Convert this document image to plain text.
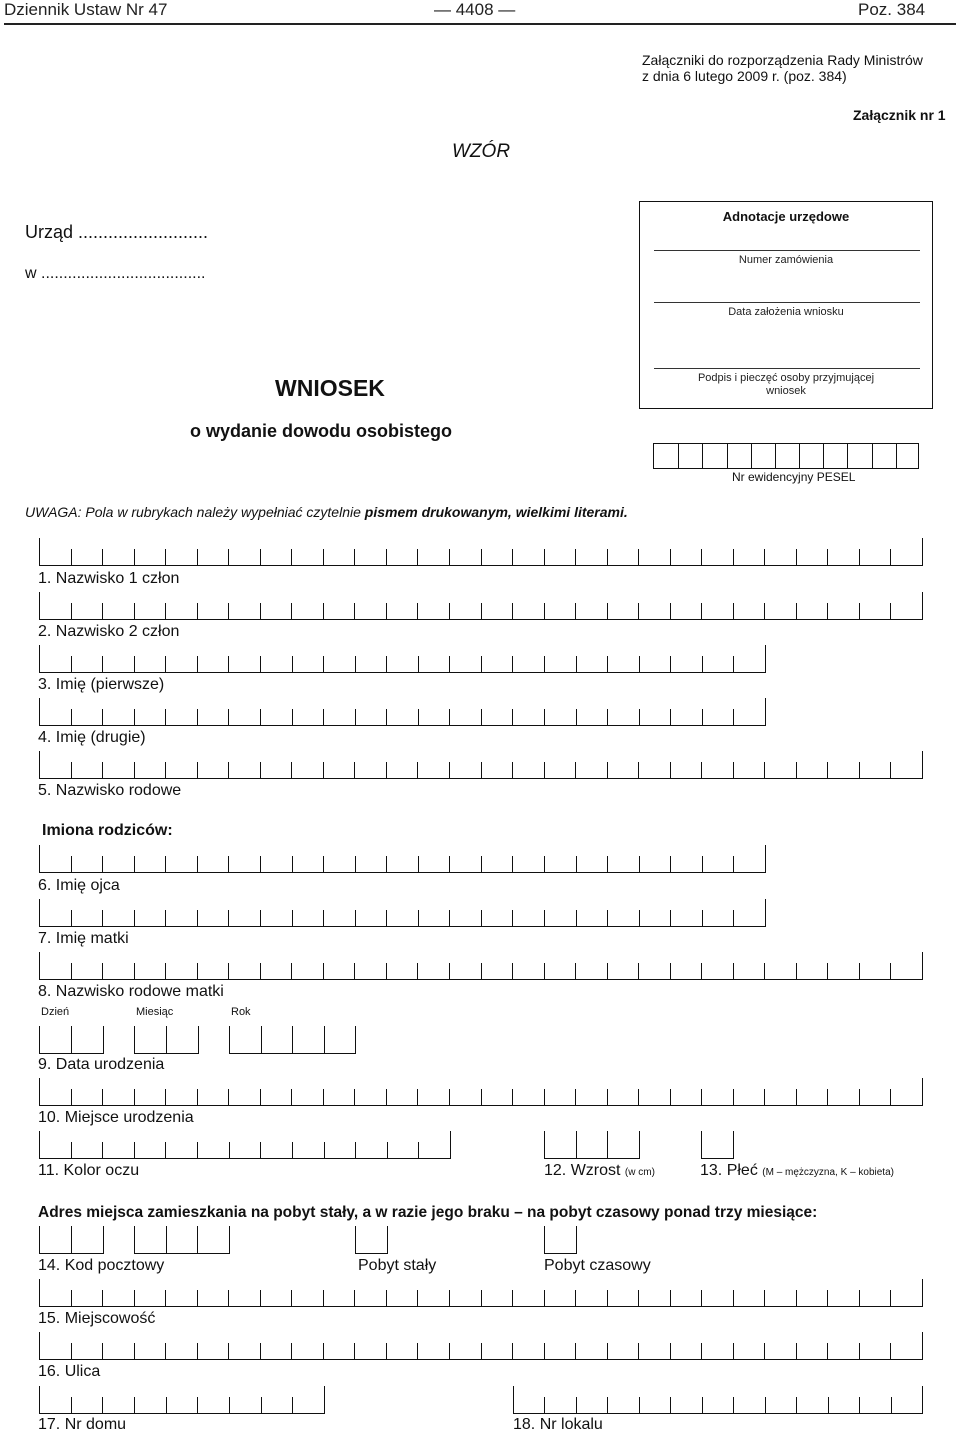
Dziennik Ustaw Nr 47	— 4408 —	Poz. 384
Załączniki do rozporządzenia Rady Ministrów
z dnia 6 lutego 2009 r. (poz. 384)
Załącznik nr 1
WZÓR
Urząd ..........................
w .....................................
Adnotacje urzędowe
Numer zamówienia
Data założenia wniosku
Podpis i pieczęć osoby przyjmującej
wniosek
WNIOSEK
o wydanie dowodu osobistego
Nr ewidencyjny PESEL
UWAGA: Pola w rubrykach należy wypełniać czytelnie pismem drukowanym, wielkimi literami.
1. Nazwisko 1 człon
2. Nazwisko 2 człon
3. Imię (pierwsze)
4. Imię (drugie)
5. Nazwisko rodowe
Imiona rodziców:
6. Imię ojca
7. Imię matki
8. Nazwisko rodowe matki
Dzień	Miesiąc	Rok
9. Data urodzenia
10. Miejsce urodzenia
11. Kolor oczu	12. Wzrost (w cm)	13. Płeć (M – mężczyzna, K – kobieta)
Adres miejsca zamieszkania na pobyt stały, a w razie jego braku – na pobyt czasowy ponad trzy miesiące:
14. Kod pocztowy	Pobyt stały	Pobyt czasowy
15. Miejscowość
16. Ulica
17. Nr domu	18. Nr lokalu
